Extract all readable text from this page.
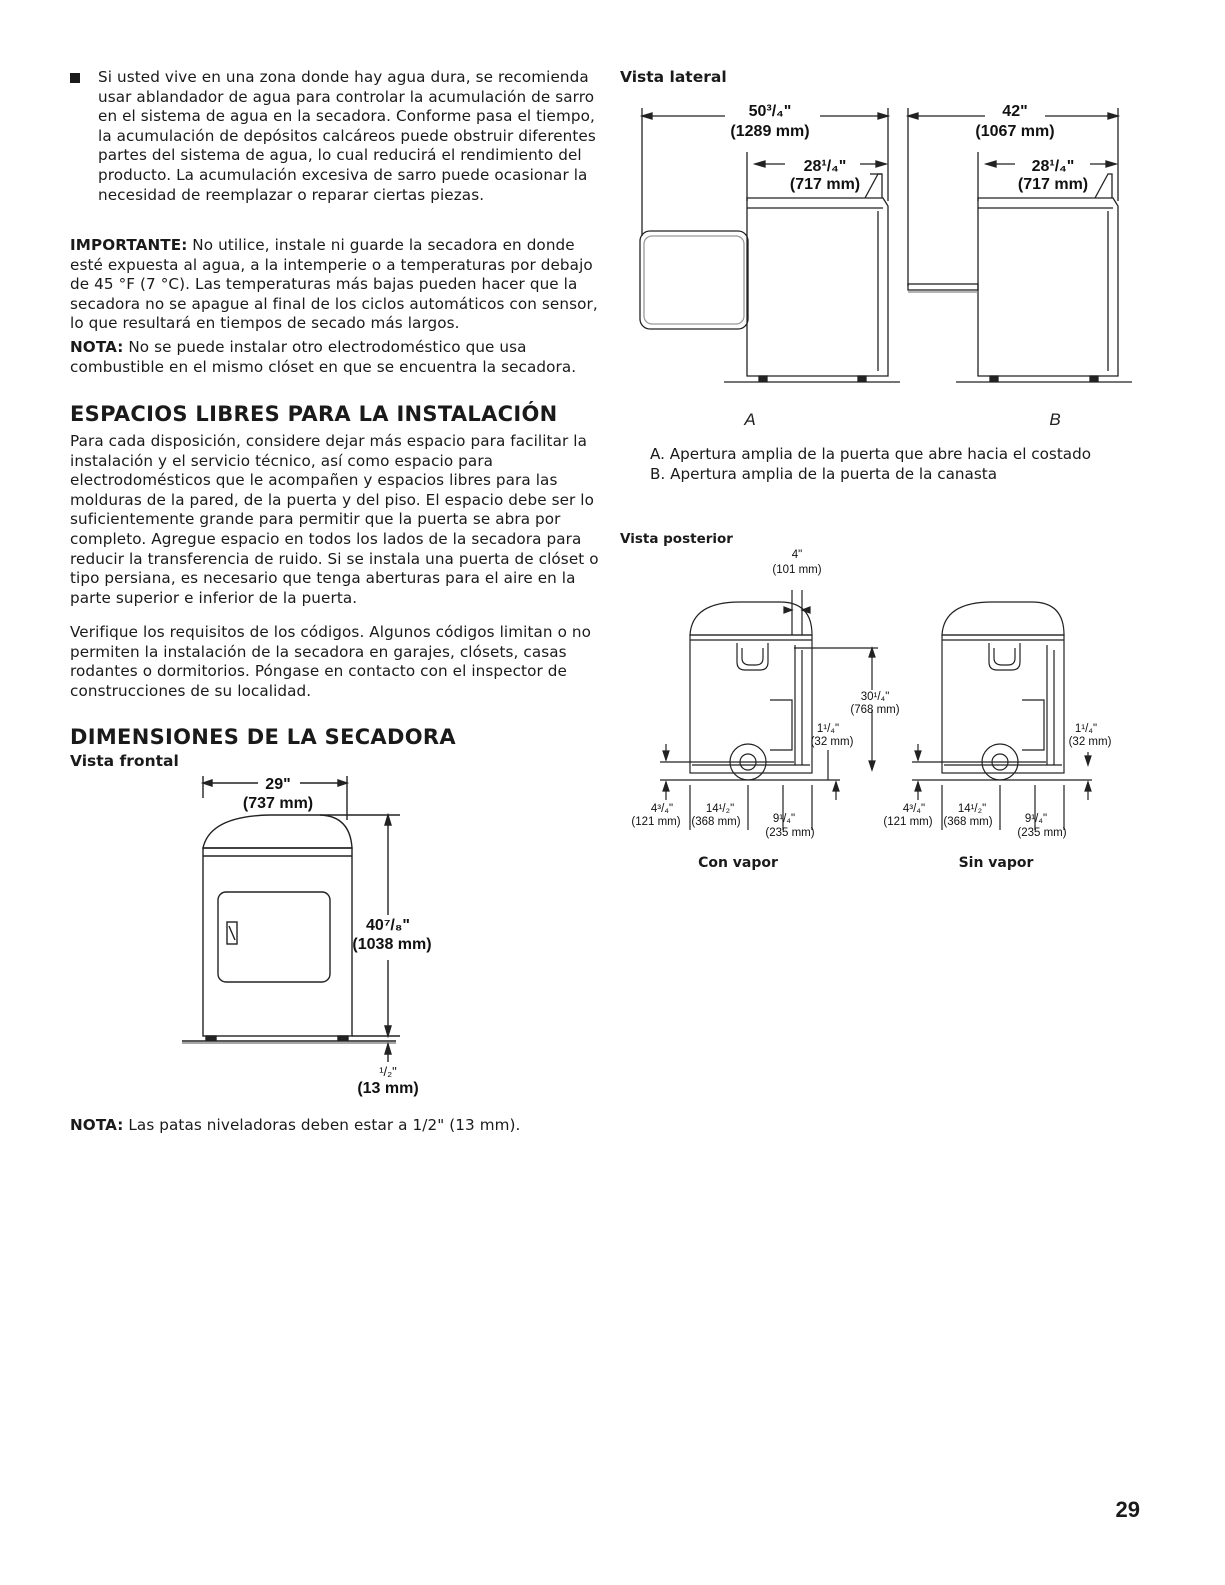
Si usted vive en una zona donde hay agua dura, se recomienda usar ablandador de agua para controlar la acumulación de sarro en el sistema de agua en la secadora. Conforme pasa el tiempo, la acumulación de depósitos calcáreos puede obstruir diferentes partes del sistema de agua, lo cual reducirá el rendimiento del producto. La acumulación excesiva de sarro puede ocasionar la necesidad de reemplazar o reparar ciertas piezas.
IMPORTANTE: No utilice, instale ni guarde la secadora en donde esté expuesta al agua, a la intemperie o a temperaturas por debajo de 45 °F (7 °C). Las temperaturas más bajas pueden hacer que la secadora no se apague al final de los ciclos automáticos con sensor, lo que resultará en tiempos de secado más largos.
NOTA: No se puede instalar otro electrodoméstico que usa combustible en el mismo clóset en que se encuentra la secadora.
ESPACIOS LIBRES PARA LA INSTALACIÓN
Para cada disposición, considere dejar más espacio para facilitar la instalación y el servicio técnico, así como espacio para electrodomésticos que le acompañen y espacios libres para las molduras de la pared, de la puerta y del piso. El espacio debe ser lo suficientemente grande para permitir que la puerta se abra por completo. Agregue espacio en todos los lados de la secadora para reducir la transferencia de ruido. Si se instala una puerta de clóset o tipo persiana, es necesario que tenga aberturas para el aire en la parte superior e inferior de la puerta.
Verifique los requisitos de los códigos. Algunos códigos limitan o no permiten la instalación de la secadora en garajes, clósets, casas rodantes o dormitorios. Póngase en contacto con el inspector de construcciones de su localidad.
DIMENSIONES DE LA SECADORA
Vista frontal
29"
(737 mm)
40⁷/₈"
(1038 mm)
¹/₂"
(13 mm)
NOTA: Las patas niveladoras deben estar a 1/2" (13 mm).
Vista lateral
50³/₄"
(1289 mm)
28¹/₄"
(717 mm)
A
42"
(1067 mm)
28¹/₄"
(717 mm)
B
A. Apertura amplia de la puerta que abre hacia el costado
B. Apertura amplia de la puerta de la canasta
Vista posterior
4"
(101 mm)
30¹/₄"
(768 mm)
1¹/₄"
(32 mm)
4³/₄"
(121 mm)
14¹/₂"
(368 mm)	9¹/₄"
(235 mm)
1¹/₄"
(32 mm)
4³/₄"
(121 mm)
14¹/₂"
(368 mm)	9¹/₄"
(235 mm)
Con vapor	Sin vapor
29
